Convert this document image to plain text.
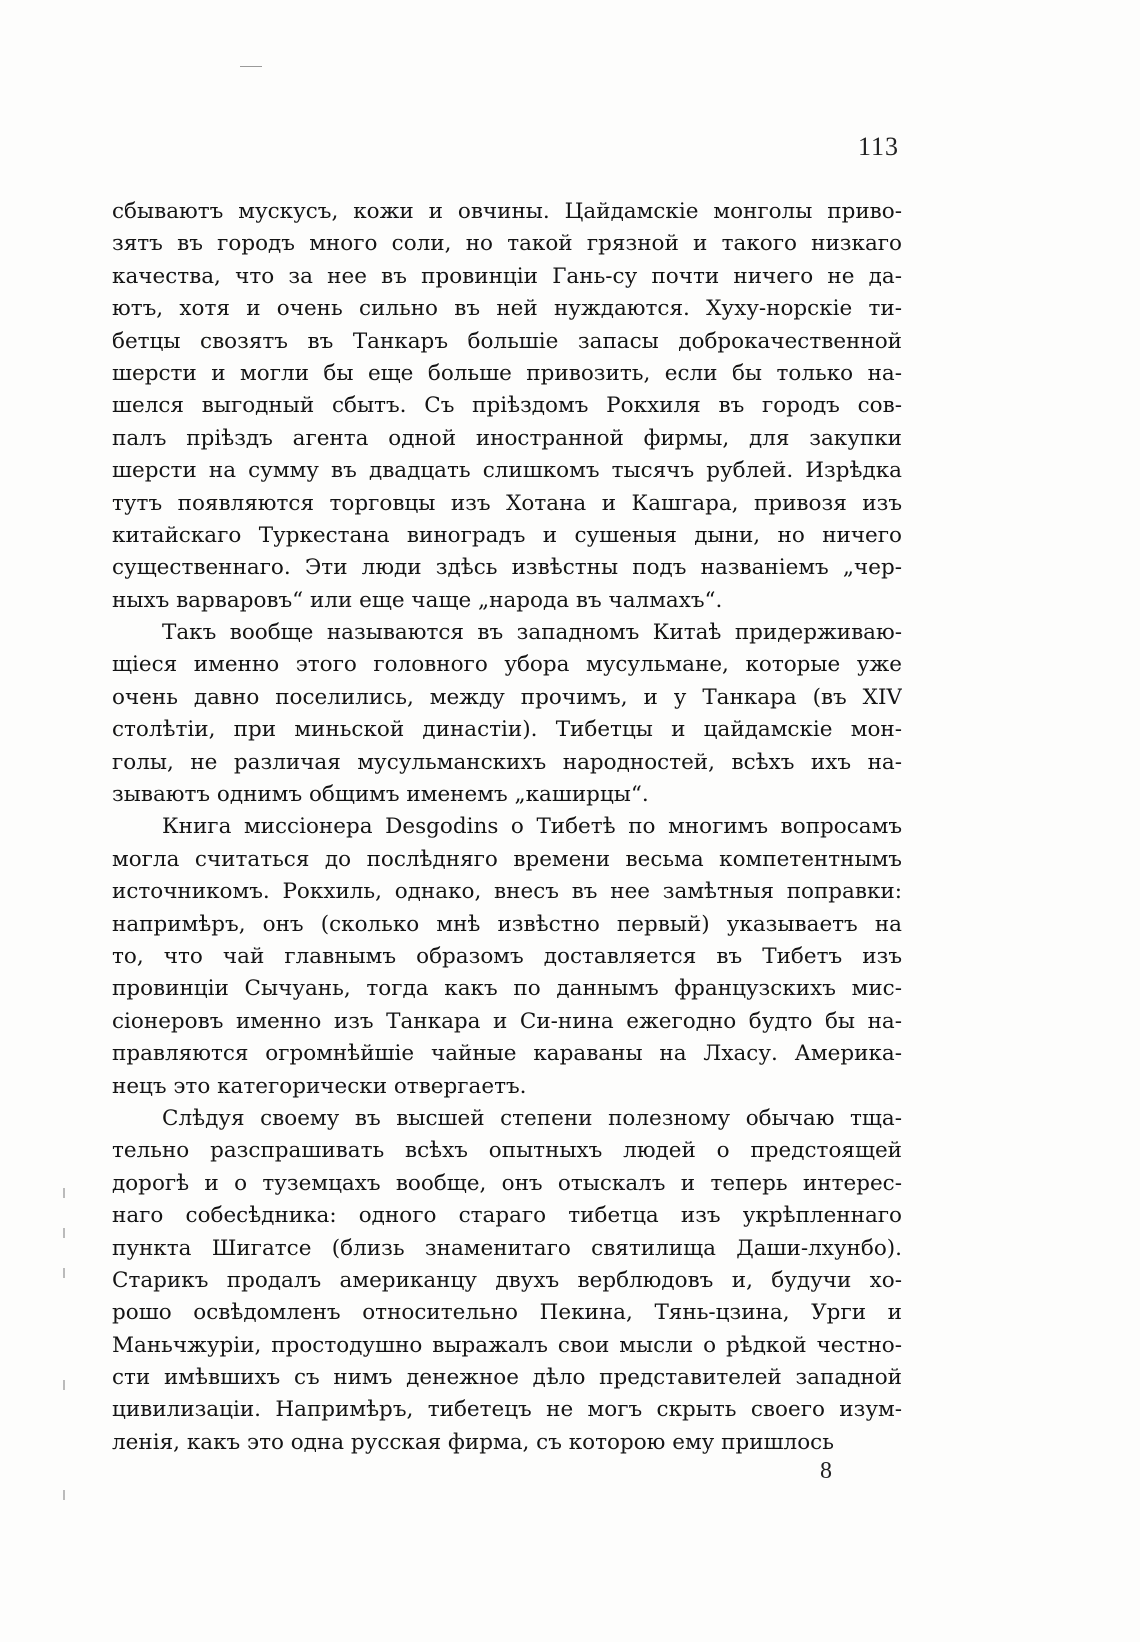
113
сбываютъ мускусъ, кожи и овчины. Цайдамскіе монголы приво-
зятъ въ городъ много соли, но такой грязной и такого низкаго
качества, что за нее въ провинціи Гань-су почти ничего не да-
ютъ, хотя и очень сильно въ ней нуждаются. Хуху-норскіе ти-
бетцы свозятъ въ Танкаръ большіе запасы доброкачественной
шерсти и могли бы еще больше привозить, если бы только на-
шелся выгодный сбытъ. Съ пріѣздомъ Рокхиля въ городъ сов-
палъ пріѣздъ агента одной иностранной фирмы, для закупки
шерсти на сумму въ двадцать слишкомъ тысячъ рублей. Изрѣдка
тутъ появляются торговцы изъ Хотана и Кашгара, привозя изъ
китайскаго Туркестана виноградъ и сушеныя дыни, но ничего
существеннаго. Эти люди здѣсь извѣстны подъ названіемъ „чер-
ныхъ варваровъ“ или еще чаще „народа въ чалмахъ“.
Такъ вообще называются въ западномъ Китаѣ придерживаю-
щіеся именно этого головного убора мусульмане, которые уже
очень давно поселились, между прочимъ, и у Танкара (въ XIV
столѣтіи, при миньской династіи). Тибетцы и цайдамскіе мон-
голы, не различая мусульманскихъ народностей, всѣхъ ихъ на-
зываютъ однимъ общимъ именемъ „каширцы“.
Книга миссіонера Desgodins о Тибетѣ по многимъ вопросамъ
могла считаться до послѣдняго времени весьма компетентнымъ
источникомъ. Рокхиль, однако, внесъ въ нее замѣтныя поправки:
напримѣръ, онъ (сколько мнѣ извѣстно первый) указываетъ на
то, что чай главнымъ образомъ доставляется въ Тибетъ изъ
провинціи Сычуань, тогда какъ по даннымъ французскихъ мис-
сіонеровъ именно изъ Танкара и Си-нина ежегодно будто бы на-
правляются огромнѣйшіе чайные караваны на Лхасу. Америка-
нецъ это категорически отвергаетъ.
Слѣдуя своему въ высшей степени полезному обычаю тща-
тельно разспрашивать всѣхъ опытныхъ людей о предстоящей
дорогѣ и о туземцахъ вообще, онъ отыскалъ и теперь интерес-
наго собесѣдника: одного стараго тибетца изъ укрѣпленнаго
пункта Шигатсе (близь знаменитаго святилища Даши-лхунбо).
Старикъ продалъ американцу двухъ верблюдовъ и, будучи хо-
рошо освѣдомленъ относительно Пекина, Тянь-цзина, Урги и
Маньчжуріи, простодушно выражалъ свои мысли о рѣдкой честно-
сти имѣвшихъ съ нимъ денежное дѣло представителей западной
цивилизаціи. Напримѣръ, тибетецъ не могъ скрыть своего изум-
ленія, какъ это одна русская фирма, съ которою ему пришлось
8
